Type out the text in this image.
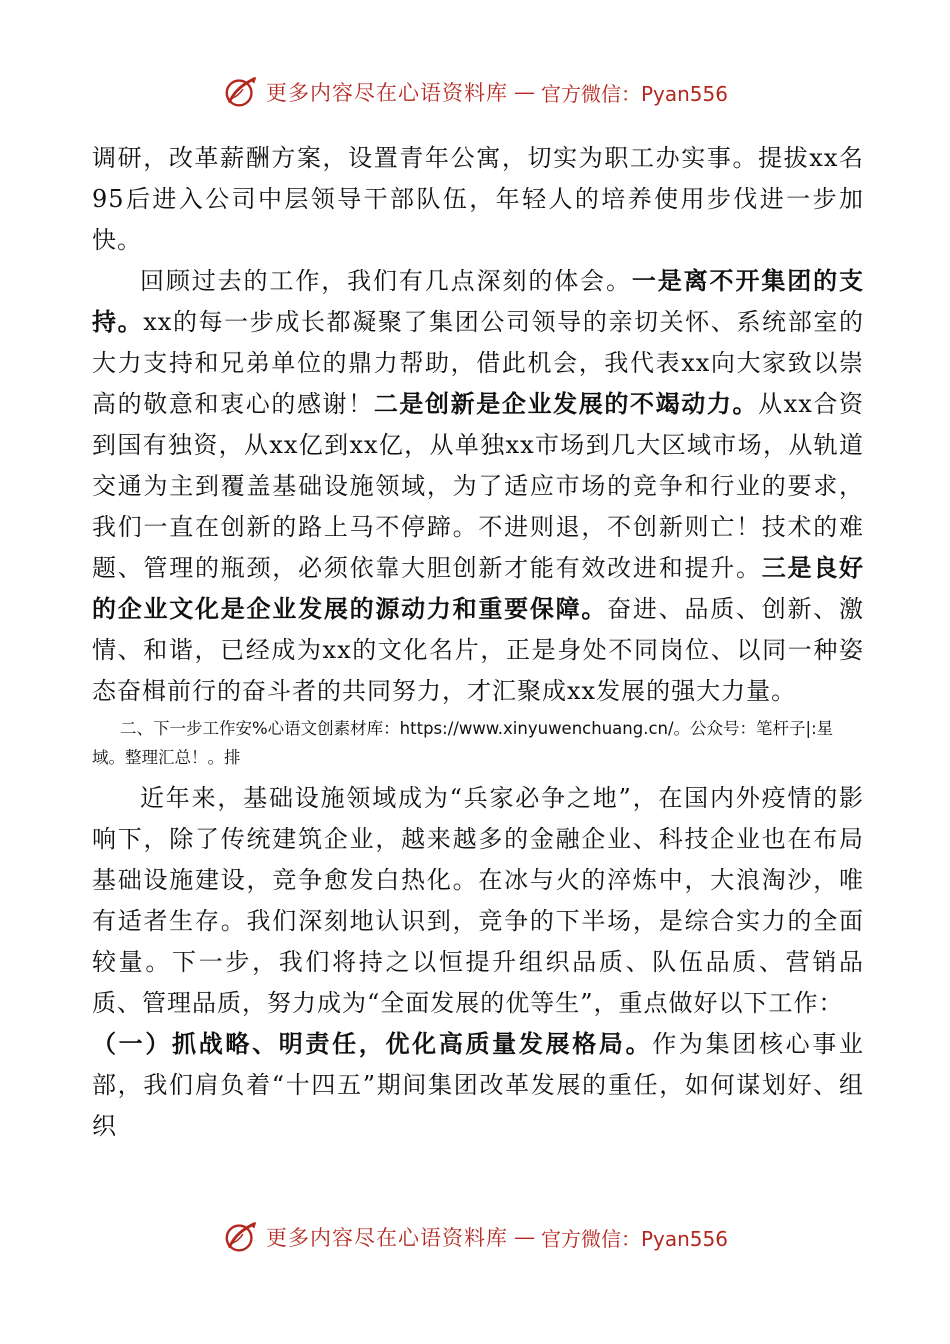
更多内容尽在心语资料库 — 官方微信：Pyan556

调研，改革薪酬方案，设置青年公寓，切实为职工办实事。提拔xx名95后进入公司中层领导干部队伍，年轻人的培养使用步伐进一步加快。

回顾过去的工作，我们有几点深刻的体会。一是离不开集团的支持。xx的每一步成长都凝聚了集团公司领导的亲切关怀、系统部室的大力支持和兄弟单位的鼎力帮助，借此机会，我代表xx向大家致以崇高的敬意和衷心的感谢！二是创新是企业发展的不竭动力。从xx合资到国有独资，从xx亿到xx亿，从单独xx市场到几大区域市场，从轨道交通为主到覆盖基础设施领域，为了适应市场的竞争和行业的要求，我们一直在创新的路上马不停蹄。不进则退，不创新则亡！技术的难题、管理的瓶颈，必须依靠大胆创新才能有效改进和提升。三是良好的企业文化是企业发展的源动力和重要保障。奋进、品质、创新、激情、和谐，已经成为xx的文化名片，正是身处不同岗位、以同一种姿态奋楫前行的奋斗者的共同努力，才汇聚成xx发展的强大力量。

二、下一步工作安%心语文创素材库：https://www.xinyuwenchuang.cn/。公众号：笔杆子|:星域。整理汇总！。排

近年来，基础设施领域成为“兵家必争之地”，在国内外疫情的影响下，除了传统建筑企业，越来越多的金融企业、科技企业也在布局基础设施建设，竞争愈发白热化。在冰与火的淬炼中，大浪淘沙，唯有适者生存。我们深刻地认识到，竞争的下半场，是综合实力的全面较量。下一步，我们将持之以恒提升组织品质、队伍品质、营销品质、管理品质，努力成为“全面发展的优等生”，重点做好以下工作：

（一）抓战略、明责任，优化高质量发展格局。作为集团核心事业部，我们肩负着“十四五”期间集团改革发展的重任，如何谋划好、组织

更多内容尽在心语资料库 — 官方微信：Pyan556
